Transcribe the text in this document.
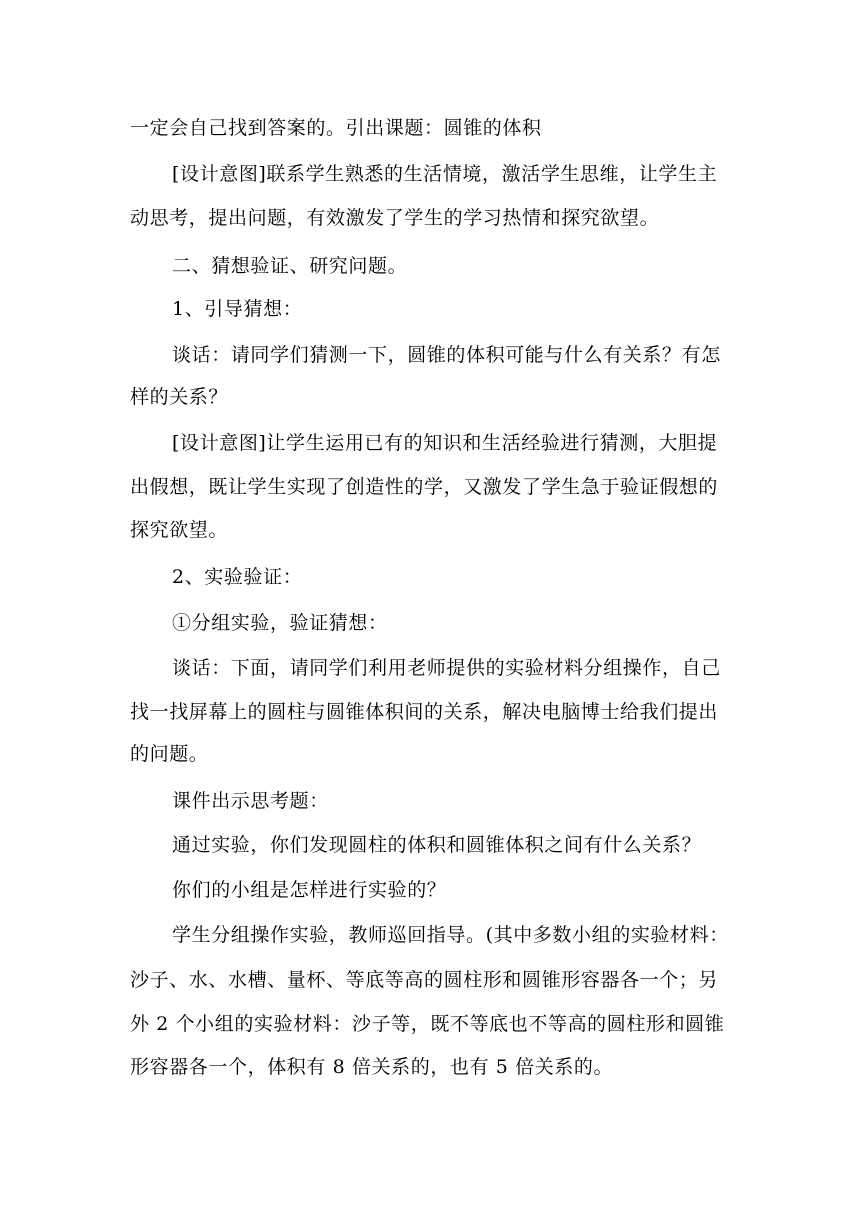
一定会自己找到答案的。引出课题：圆锥的体积
[设计意图]联系学生熟悉的生活情境，激活学生思维，让学生主
动思考，提出问题，有效激发了学生的学习热情和探究欲望。
二、猜想验证、研究问题。
1、引导猜想：
谈话：请同学们猜测一下，圆锥的体积可能与什么有关系？有怎
样的关系？
[设计意图]让学生运用已有的知识和生活经验进行猜测，大胆提
出假想，既让学生实现了创造性的学，又激发了学生急于验证假想的
探究欲望。
2、实验验证：
①分组实验，验证猜想：
谈话：下面，请同学们利用老师提供的实验材料分组操作，自己
找一找屏幕上的圆柱与圆锥体积间的关系，解决电脑博士给我们提出
的问题。
课件出示思考题：
通过实验，你们发现圆柱的体积和圆锥体积之间有什么关系？
你们的小组是怎样进行实验的？
学生分组操作实验，教师巡回指导。(其中多数小组的实验材料：
沙子、水、水槽、量杯、等底等高的圆柱形和圆锥形容器各一个；另
外 2 个小组的实验材料：沙子等，既不等底也不等高的圆柱形和圆锥
形容器各一个，体积有 8 倍关系的，也有 5 倍关系的。
